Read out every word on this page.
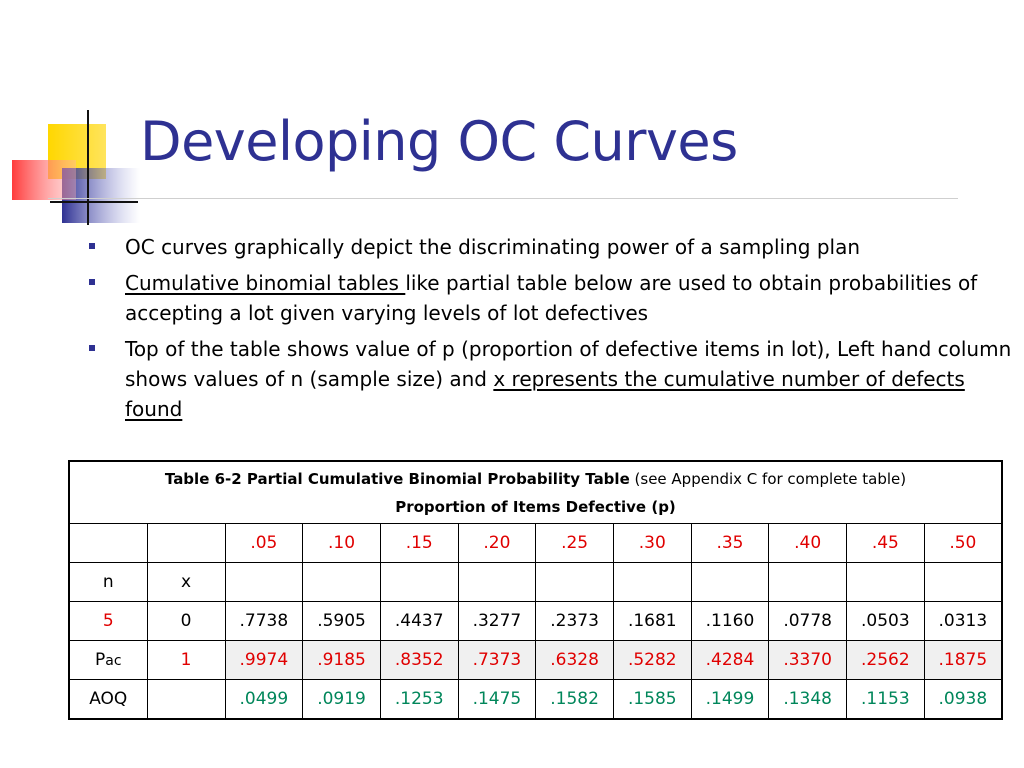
Developing OC Curves
OC curves graphically depict the discriminating power of a sampling plan
Cumulative binomial tables like partial table below are used to obtain probabilities of accepting a lot given varying levels of lot defectives
Top of the table shows value of p (proportion of defective items in lot), Left hand column shows values of n (sample size) and x represents the cumulative number of defects found
Table 6-2 Partial Cumulative Binomial Probability Table (see Appendix C for complete table)
Proportion of Items Defective (p)											
		.05	.10	.15	.20	.25	.30	.35	.40	.45	.50
n	x										
5	0	.7738	.5905	.4437	.3277	.2373	.1681	.1160	.0778	.0503	.0313
Pac	1	.9974	.9185	.8352	.7373	.6328	.5282	.4284	.3370	.2562	.1875
AOQ		.0499	.0919	.1253	.1475	.1582	.1585	.1499	.1348	.1153	.0938
